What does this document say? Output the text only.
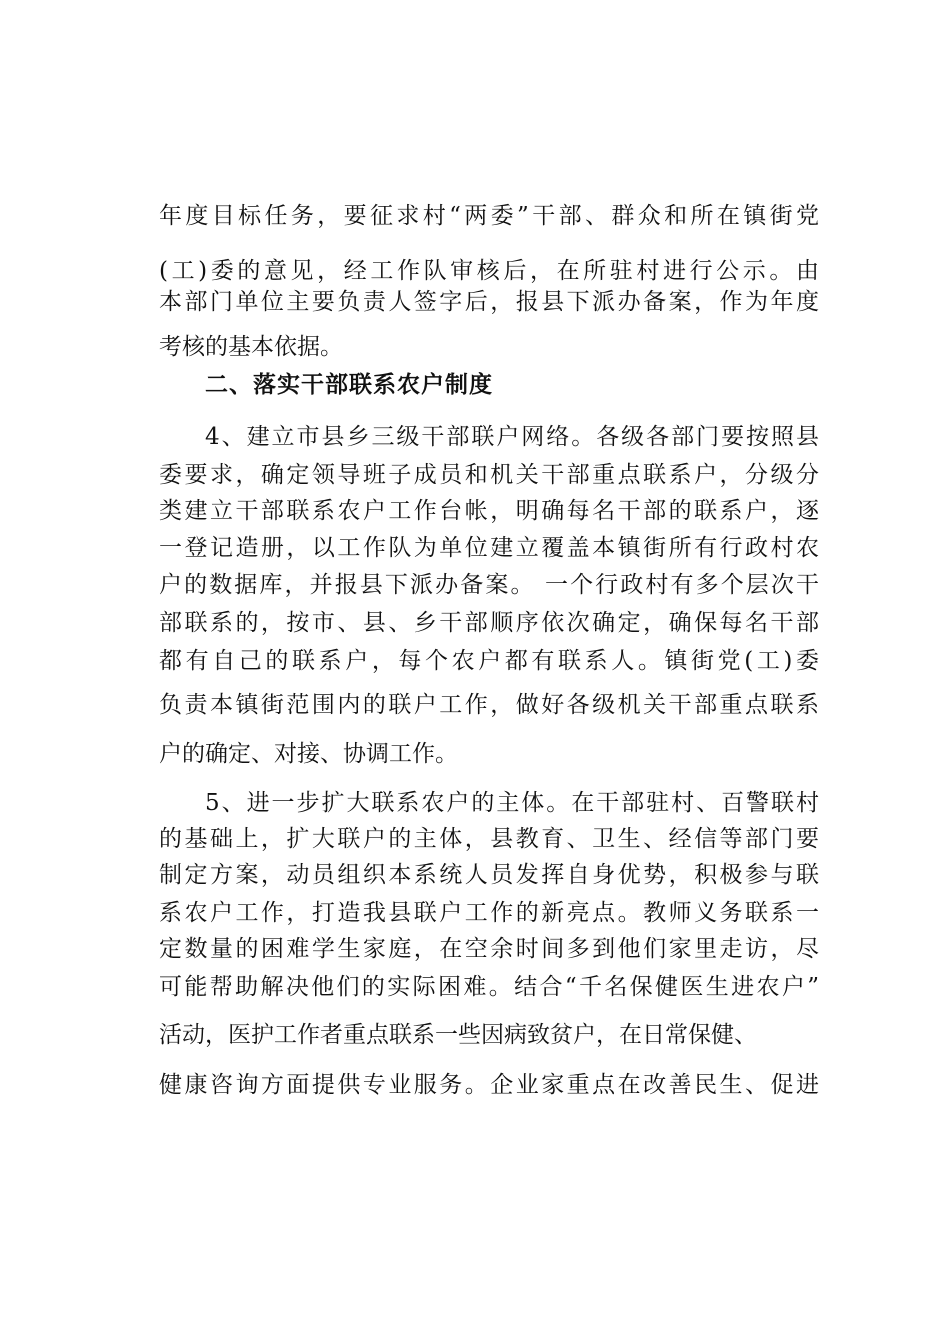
年度目标任务，要征求村“两委”干部、群众和所在镇街党
(工)委的意见，经工作队审核后，在所驻村进行公示。由
本部门单位主要负责人签字后，报县下派办备案，作为年度
考核的基本依据。
二、落实干部联系农户制度
4、建立市县乡三级干部联户网络。各级各部门要按照县
委要求，确定领导班子成员和机关干部重点联系户，分级分
类建立干部联系农户工作台帐，明确每名干部的联系户，逐
一登记造册，以工作队为单位建立覆盖本镇街所有行政村农
户的数据库，并报县下派办备案。 一个行政村有多个层次干
部联系的，按市、县、乡干部顺序依次确定，确保每名干部
都有自己的联系户，每个农户都有联系人。镇街党(工)委
负责本镇街范围内的联户工作，做好各级机关干部重点联系
户的确定、对接、协调工作。
5、进一步扩大联系农户的主体。在干部驻村、百警联村
的基础上，扩大联户的主体，县教育、卫生、经信等部门要
制定方案，动员组织本系统人员发挥自身优势，积极参与联
系农户工作，打造我县联户工作的新亮点。教师义务联系一
定数量的困难学生家庭，在空余时间多到他们家里走访，尽
可能帮助解决他们的实际困难。结合“千名保健医生进农户”
活动，医护工作者重点联系一些因病致贫户，在日常保健、
健康咨询方面提供专业服务。企业家重点在改善民生、促进
